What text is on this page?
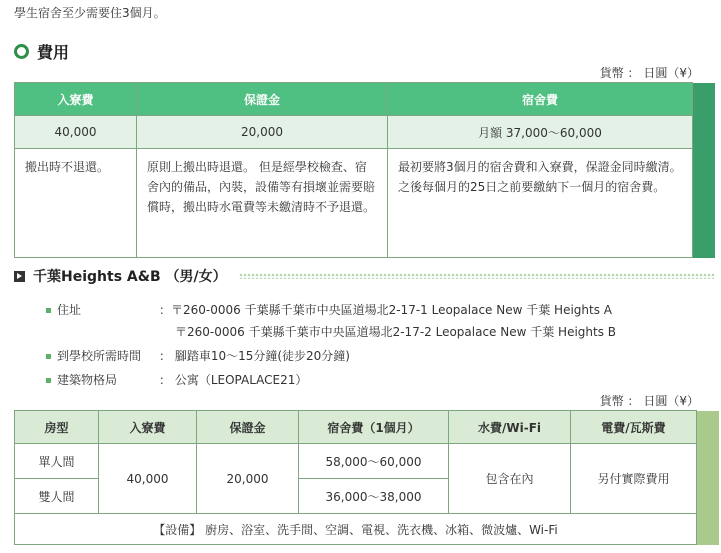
學生宿舍至少需要住3個月。
費用
貨幣 ： 日圓（¥）
入寮費	保證金	宿舍費	
40,000	20,000	月額 37,000～60,000	
搬出時不退還。	原則上搬出時退還。 但是經學校檢查、宿舍內的備品，內裝，設備等有損壞並需要賠償時，搬出時水電費等未繳清時不予退還。	最初要將3個月的宿舍費和入寮費，保證金同時繳清。之後每個月的25日之前要繳納下一個月的宿舍費。	
千葉Heights A&B （男/女）
住址	：〒260-0006 千葉縣千葉市中央區道場北2-17-1 Leopalace New 千葉 Heights A
〒260-0006 千葉縣千葉市中央區道場北2-17-2 Leopalace New 千葉 Heights B
到學校所需時間 ： 腳踏車10～15分鐘(徒步20分鐘)
建築物格局	： 公寓（LEOPALACE21）
貨幣 ： 日圓（¥）
房型	入寮費	保證金	宿舍費（1個月）	水費/Wi-Fi	電費/瓦斯費	
單人間	40,000	20,000	58,000～60,000	包含在內	另付實際費用	
雙人間			36,000～38,000			
【設備】 廚房、浴室、洗手間、空調、電視、洗衣機、冰箱、微波爐、Wi-Fi						
